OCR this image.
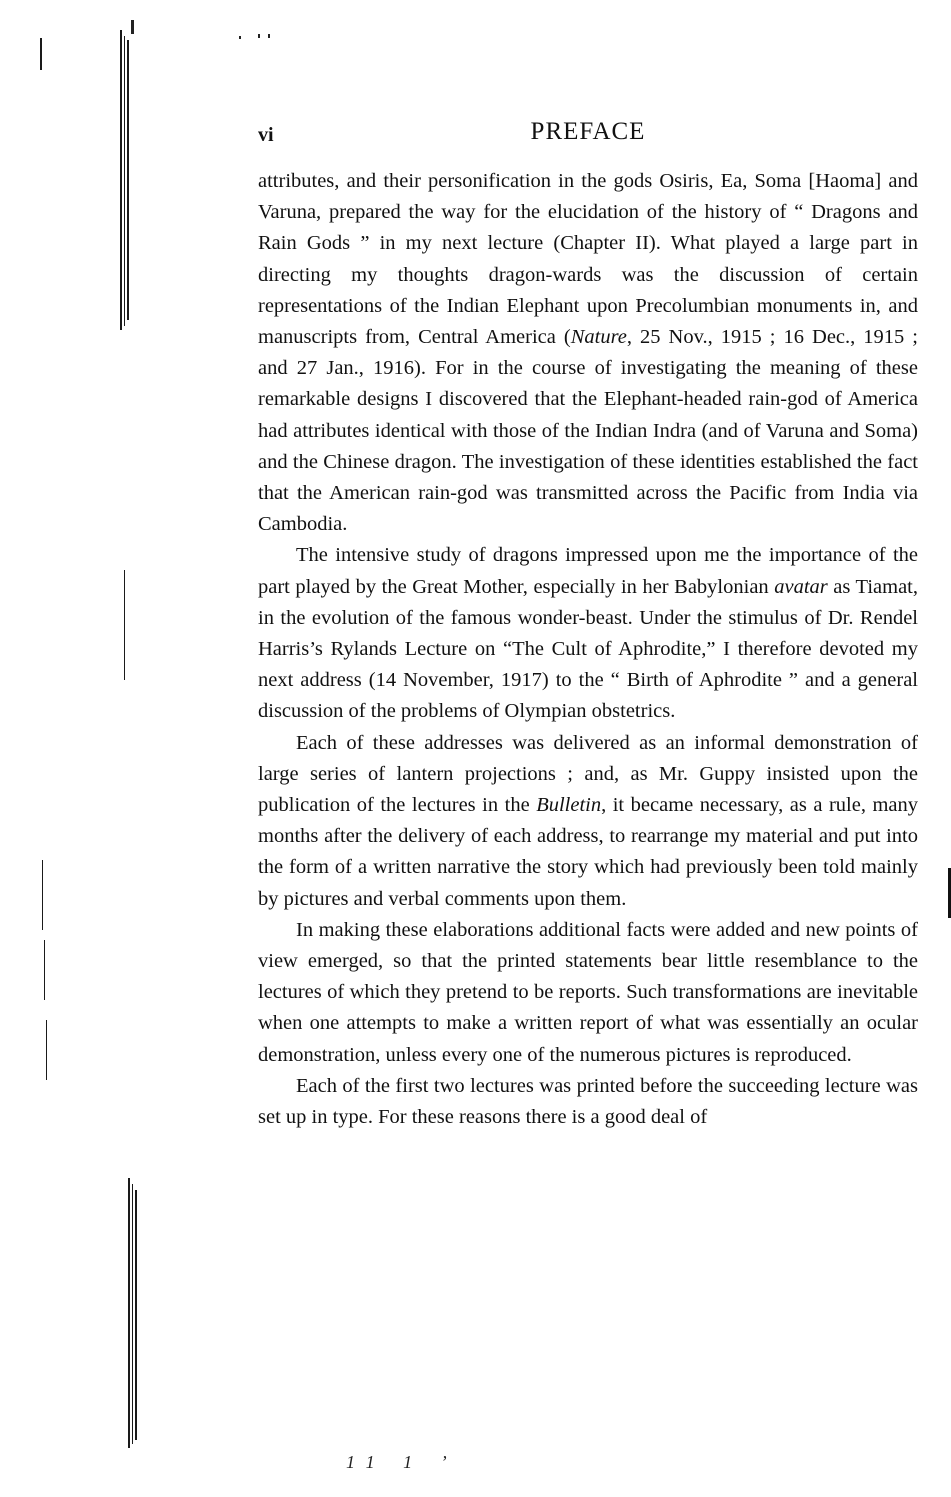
vi	PREFACE

attributes, and their personification in the gods Osiris, Ea, Soma [Haoma] and Varuna, prepared the way for the elucidation of the history of “ Dragons and Rain Gods ” in my next lecture (Chapter II). What played a large part in directing my thoughts dragon-wards was the discussion of certain representations of the Indian Elephant upon Precolumbian monuments in, and manuscripts from, Central America (Nature, 25 Nov., 1915 ; 16 Dec., 1915 ; and 27 Jan., 1916). For in the course of investigating the meaning of these remarkable designs I discovered that the Elephant-headed rain-god of America had attributes identical with those of the Indian Indra (and of Varuna and Soma) and the Chinese dragon. The investigation of these identities established the fact that the American rain-god was transmitted across the Pacific from India via Cambodia.

The intensive study of dragons impressed upon me the importance of the part played by the Great Mother, especially in her Babylonian avatar as Tiamat, in the evolution of the famous wonder-beast. Under the stimulus of Dr. Rendel Harris’s Rylands Lecture on “The Cult of Aphrodite,” I therefore devoted my next address (14 November, 1917) to the “ Birth of Aphrodite ” and a general discussion of the problems of Olympian obstetrics.

Each of these addresses was delivered as an informal demonstration of large series of lantern projections ; and, as Mr. Guppy insisted upon the publication of the lectures in the Bulletin, it became necessary, as a rule, many months after the delivery of each address, to rearrange my material and put into the form of a written narrative the story which had previously been told mainly by pictures and verbal comments upon them.

In making these elaborations additional facts were added and new points of view emerged, so that the printed statements bear little resemblance to the lectures of which they pretend to be reports. Such transformations are inevitable when one attempts to make a written report of what was essentially an ocular demonstration, unless every one of the numerous pictures is reproduced.

Each of the first two lectures was printed before the succeeding lecture was set up in type. For these reasons there is a good deal of

11 1 ’
